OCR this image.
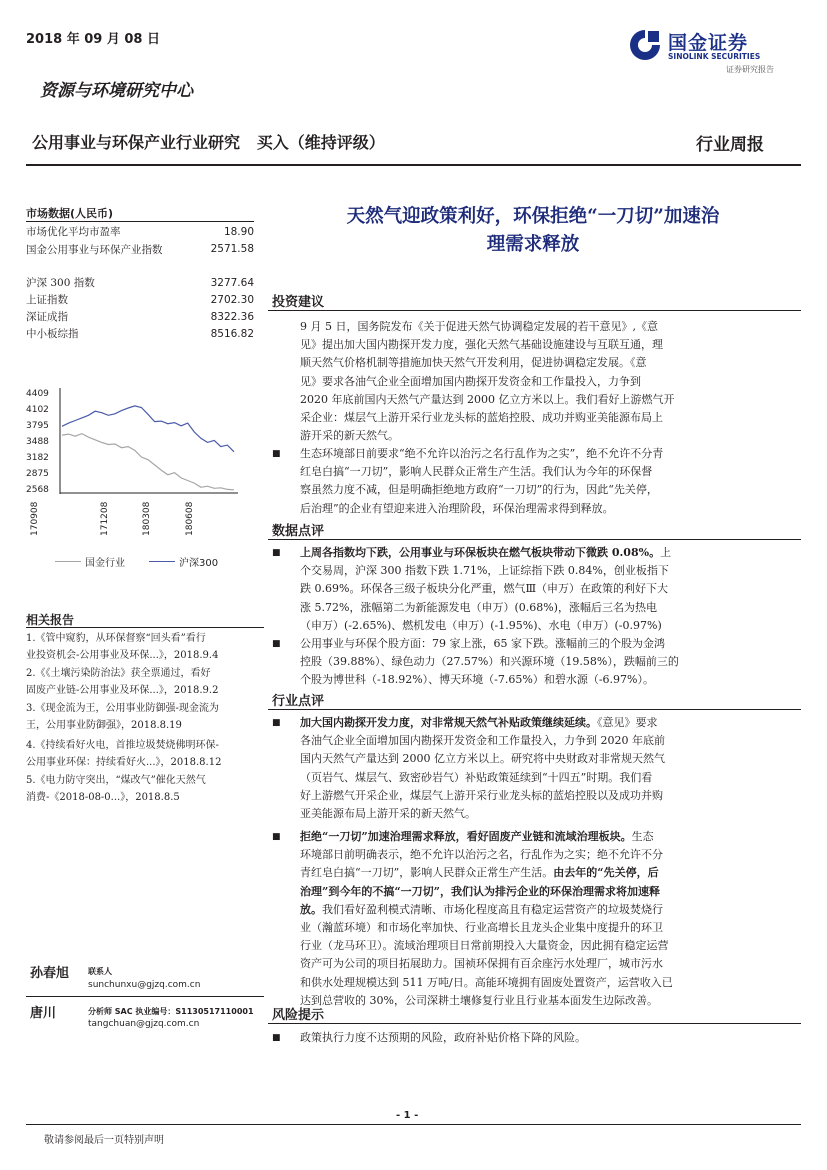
2018 年 09 月 08 日	国金证券
SINOLINK SECURITIES
证券研究报告
资源与环境研究中心
公用事业与环保产业行业研究   买入（维持评级）	行业周报
市场数据(人民币)
市场优化平均市盈率	18.90
国金公用事业与环保产业指数	2571.58
沪深 300 指数	3277.64
上证指数	2702.30
深证成指	8322.36
中小板综指	8516.82
4409
4102
3795
3488
3182
2875
2568
170908	171208	180308	180608
国金行业	沪深300
相关报告
1.《管中窥豹，从环保督察“回头看”看行
业投资机会-公用事业及环保...》，2018.9.4
2.《《土壤污染防治法》获全票通过，看好
固废产业链-公用事业及环保...》，2018.9.2
3.《现金流为王，公用事业防御强-现金流为
王，公用事业防御强》，2018.8.19
4.《持续看好火电，首推垃圾焚烧佛明环保-
公用事业环保：持续看好火...》，2018.8.12
5.《电力防守突出，“煤改气”催化天然气
消费-《2018-08-0...》，2018.8.5
孙春旭 联系人
sunchunxu@gjzq.com.cn
唐川	分析师 SAC 执业编号：S1130517110001
tangchuan@gjzq.com.cn
天然气迎政策利好，环保拒绝“一刀切”加速治
理需求释放
投资建议
9 月 5 日，国务院发布《关于促进天然气协调稳定发展的若干意见》,《意
见》提出加大国内勘探开发力度，强化天然气基础设施建设与互联互通，理
顺天然气价格机制等措施加快天然气开发利用，促进协调稳定发展。《意
见》要求各油气企业全面增加国内勘探开发资金和工作量投入，力争到
2020 年底前国内天然气产量达到 2000 亿立方米以上。我们看好上游燃气开
采企业：煤层气上游开采行业龙头标的蓝焰控股、成功并购亚美能源布局上
游开采的新天然气。
■ 生态环境部日前要求“绝不允许以治污之名行乱作为之实”，绝不允许不分青
红皂白搞“一刀切”，影响人民群众正常生产生活。我们认为今年的环保督
察虽然力度不减，但是明确拒绝地方政府“一刀切”的行为，因此“先关停，
后治理”的企业有望迎来进入治理阶段，环保治理需求得到释放。
数据点评
■ 上周各指数均下跌，公用事业与环保板块在燃气板块带动下微跌 0.08%。上
个交易周，沪深 300 指数下跌 1.71%，上证综指下跌 0.84%，创业板指下
跌 0.69%。环保各三级子板块分化严重，燃气Ⅲ（申万）在政策的利好下大
涨 5.72%，涨幅第二为新能源发电（申万）(0.68%)，涨幅后三名为热电
（申万）(-2.65%)、燃机发电（申万）(-1.95%)、水电（申万）(-0.97%)
■ 公用事业与环保个股方面：79 家上涨，65 家下跌。涨幅前三的个股为金鸿
控股（39.88%）、绿色动力（27.57%）和兴源环境（19.58%），跌幅前三的
个股为博世科（-18.92%）、博天环境（-7.65%）和碧水源（-6.97%）。
行业点评
■ 加大国内勘探开发力度，对非常规天然气补贴政策继续延续。《意见》要求
各油气企业全面增加国内勘探开发资金和工作量投入，力争到 2020 年底前
国内天然气产量达到 2000 亿立方米以上。研究将中央财政对非常规天然气
（页岩气、煤层气、致密砂岩气）补贴政策延续到“十四五”时期。我们看
好上游燃气开采企业，煤层气上游开采行业龙头标的蓝焰控股以及成功并购
亚美能源布局上游开采的新天然气。
■ 拒绝“一刀切”加速治理需求释放，看好固废产业链和流域治理板块。生态
环境部日前明确表示，绝不允许以治污之名，行乱作为之实；绝不允许不分
青红皂白搞“一刀切”，影响人民群众正常生产生活。由去年的“先关停，后
治理”到今年的不搞“一刀切”，我们认为排污企业的环保治理需求将加速释
放。我们看好盈利模式清晰、市场化程度高且有稳定运营资产的垃圾焚烧行
业（瀚蓝环境）和市场化率加快、行业高增长且龙头企业集中度提升的环卫
行业（龙马环卫）。流域治理项目日常前期投入大量资金，因此拥有稳定运营
资产可为公司的项目拓展助力。国祯环保拥有百余座污水处理厂，城市污水
和供水处理规模达到 511 万吨/日。高能环境拥有固废处置资产，运营收入已
达到总营收的 30%，公司深耕土壤修复行业且行业基本面发生边际改善。
风险提示
■ 政策执行力度不达预期的风险，政府补贴价格下降的风险。
- 1 -
敬请参阅最后一页特别声明
